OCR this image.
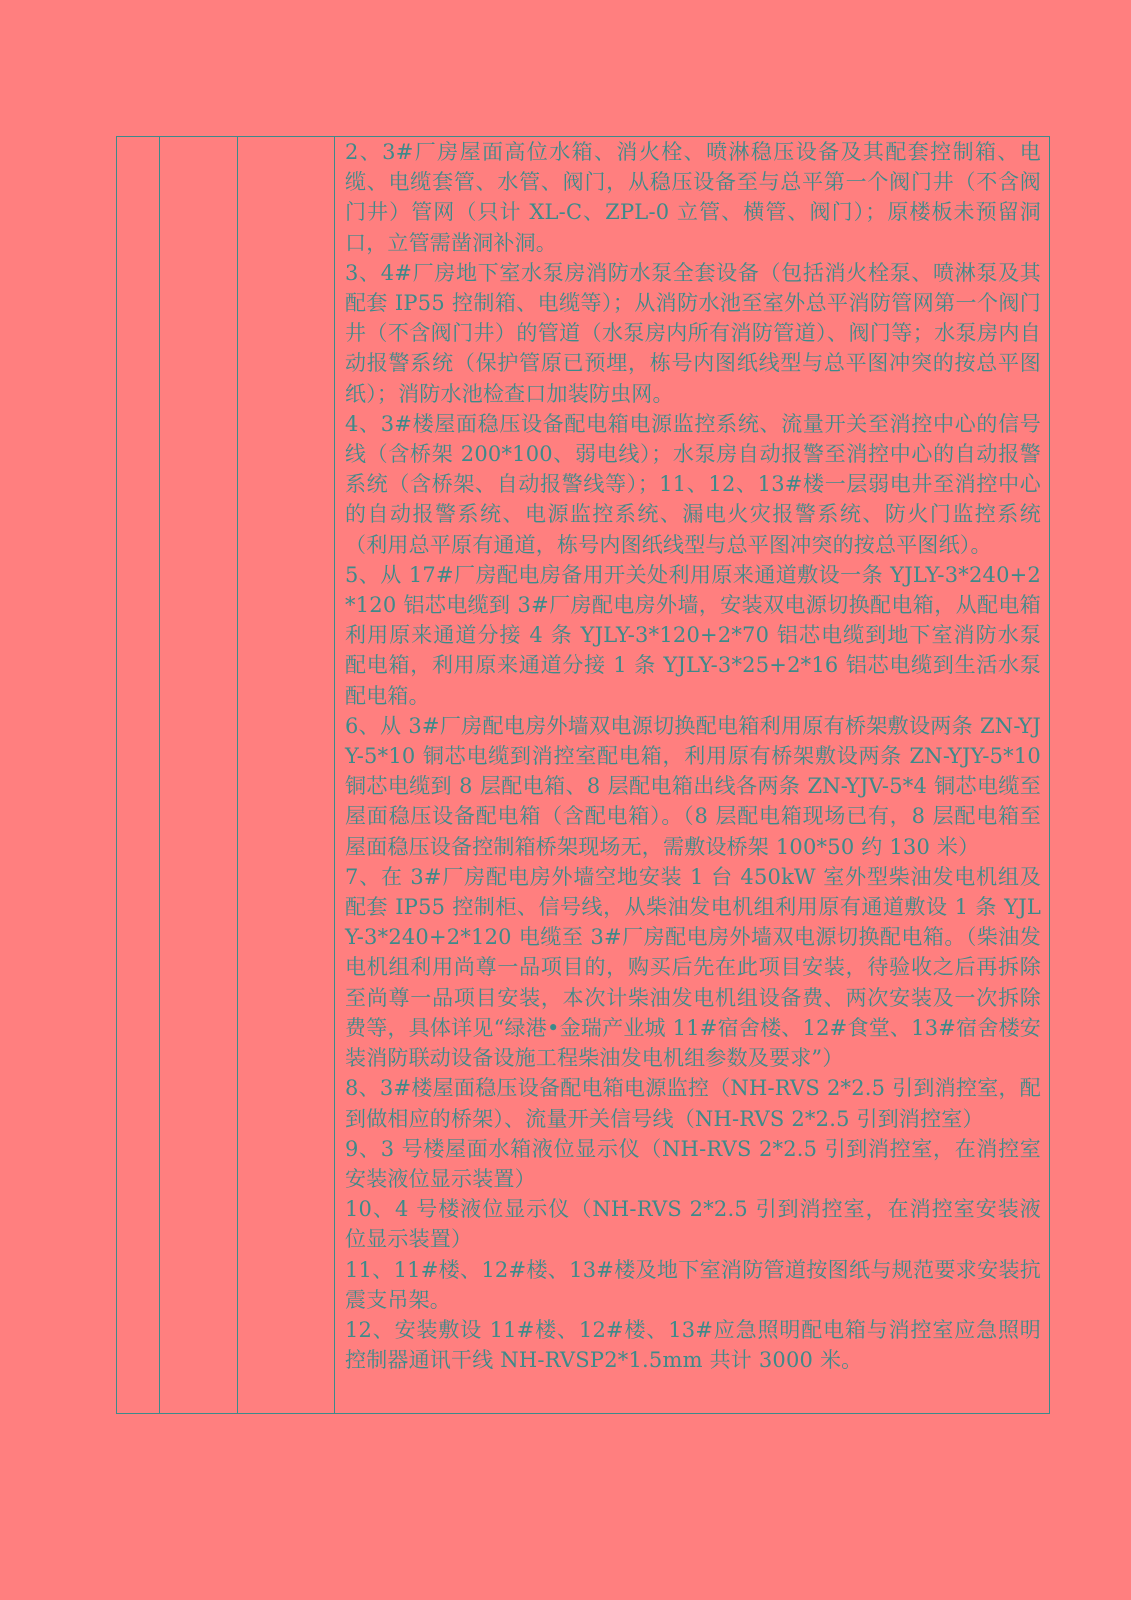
2、3#厂房屋面高位水箱、消火栓、喷淋稳压设备及其配套控制箱、电缆、电缆套管、水管、阀门，从稳压设备至与总平第一个阀门井（不含阀门井）管网（只计 XL-C、ZPL-0 立管、横管、阀门）；原楼板未预留洞口，立管需凿洞补洞。

3、4#厂房地下室水泵房消防水泵全套设备（包括消火栓泵、喷淋泵及其配套 IP55 控制箱、电缆等）；从消防水池至室外总平消防管网第一个阀门井（不含阀门井）的管道（水泵房内所有消防管道）、阀门等；水泵房内自动报警系统（保护管原已预埋，栋号内图纸线型与总平图冲突的按总平图纸）；消防水池检查口加装防虫网。

4、3#楼屋面稳压设备配电箱电源监控系统、流量开关至消控中心的信号线（含桥架 200*100、弱电线）；水泵房自动报警至消控中心的自动报警系统（含桥架、自动报警线等）；11、12、13#楼一层弱电井至消控中心的自动报警系统、电源监控系统、漏电火灾报警系统、防火门监控系统（利用总平原有通道，栋号内图纸线型与总平图冲突的按总平图纸）。

5、从 17#厂房配电房备用开关处利用原来通道敷设一条 YJLY-3*240+2*120 铝芯电缆到 3#厂房配电房外墙，安装双电源切换配电箱，从配电箱利用原来通道分接 4 条 YJLY-3*120+2*70 铝芯电缆到地下室消防水泵配电箱，利用原来通道分接 1 条 YJLY-3*25+2*16 铝芯电缆到生活水泵配电箱。

6、从 3#厂房配电房外墙双电源切换配电箱利用原有桥架敷设两条 ZN-YJY-5*10 铜芯电缆到消控室配电箱，利用原有桥架敷设两条 ZN-YJY-5*10 铜芯电缆到 8 层配电箱、8 层配电箱出线各两条 ZN-YJV-5*4 铜芯电缆至屋面稳压设备配电箱（含配电箱）。（8 层配电箱现场已有，8 层配电箱至屋面稳压设备控制箱桥架现场无，需敷设桥架 100*50 约 130 米）

7、在 3#厂房配电房外墙空地安装 1 台 450kW 室外型柴油发电机组及配套 IP55 控制柜、信号线，从柴油发电机组利用原有通道敷设 1 条 YJLY-3*240+2*120 电缆至 3#厂房配电房外墙双电源切换配电箱。（柴油发电机组利用尚尊一品项目的，购买后先在此项目安装，待验收之后再拆除至尚尊一品项目安装，本次计柴油发电机组设备费、两次安装及一次拆除费等，具体详见“绿港•金瑞产业城 11#宿舍楼、12#食堂、13#宿舍楼安装消防联动设备设施工程柴油发电机组参数及要求”）

8、3#楼屋面稳压设备配电箱电源监控（NH-RVS 2*2.5 引到消控室，配到做相应的桥架）、流量开关信号线（NH-RVS 2*2.5 引到消控室）

9、3 号楼屋面水箱液位显示仪（NH-RVS 2*2.5 引到消控室，在消控室安装液位显示装置）

10、4 号楼液位显示仪（NH-RVS 2*2.5 引到消控室，在消控室安装液位显示装置）

11、11#楼、12#楼、13#楼及地下室消防管道按图纸与规范要求安装抗震支吊架。

12、安装敷设 11#楼、12#楼、13#应急照明配电箱与消控室应急照明控制器通讯干线 NH-RVSP2*1.5mm 共计 3000 米。
